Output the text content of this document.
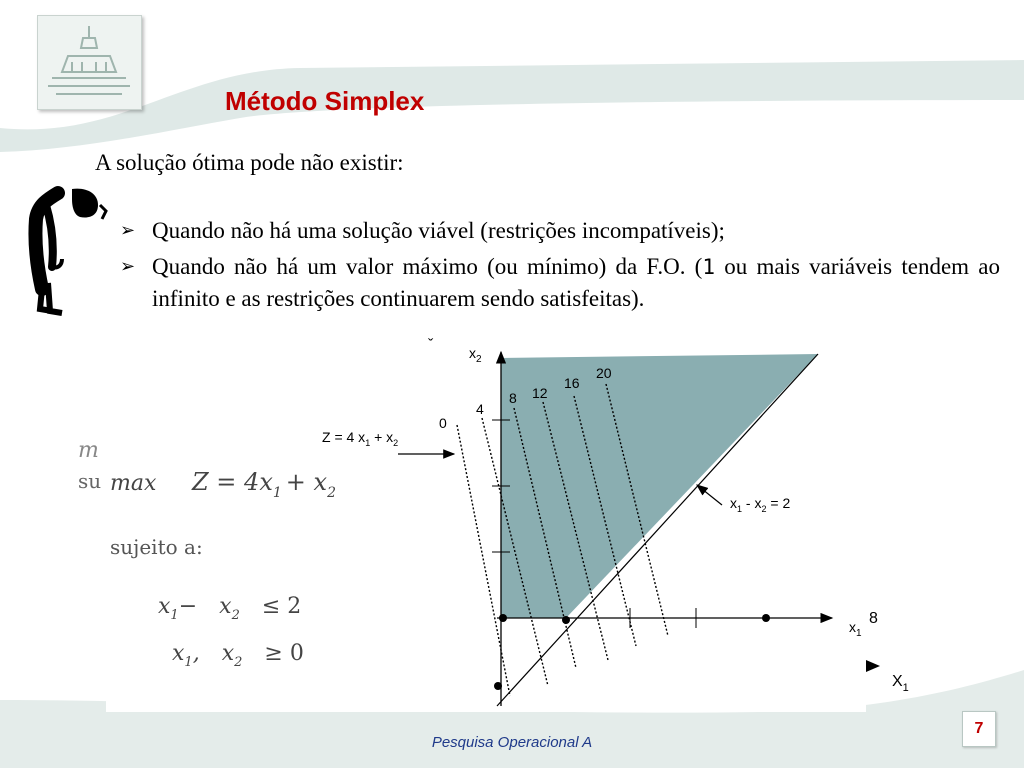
Método Simplex
A solução ótima pode não existir:
➢ Quando não há uma solução viável (restrições incompatíveis);
➢ Quando não há um valor máximo (ou mínimo) da F.O. (1 ou mais variáveis tendem ao infinito e as restrições continuarem sendo satisfeitas).
ˇ	$x_2$
0
4
8 12
16
20
Z = 4 $x_1 + x_2$
$x_1 - x_2 = 2$
$x_1$
8
$X_1$
m
su $\max Z = 4x_1 + x_2$
sujeito a:
$x_1- x_2 \le 2$
$x_1$, $x_2 \ge 0$
Pesquisa Operacional A
7
